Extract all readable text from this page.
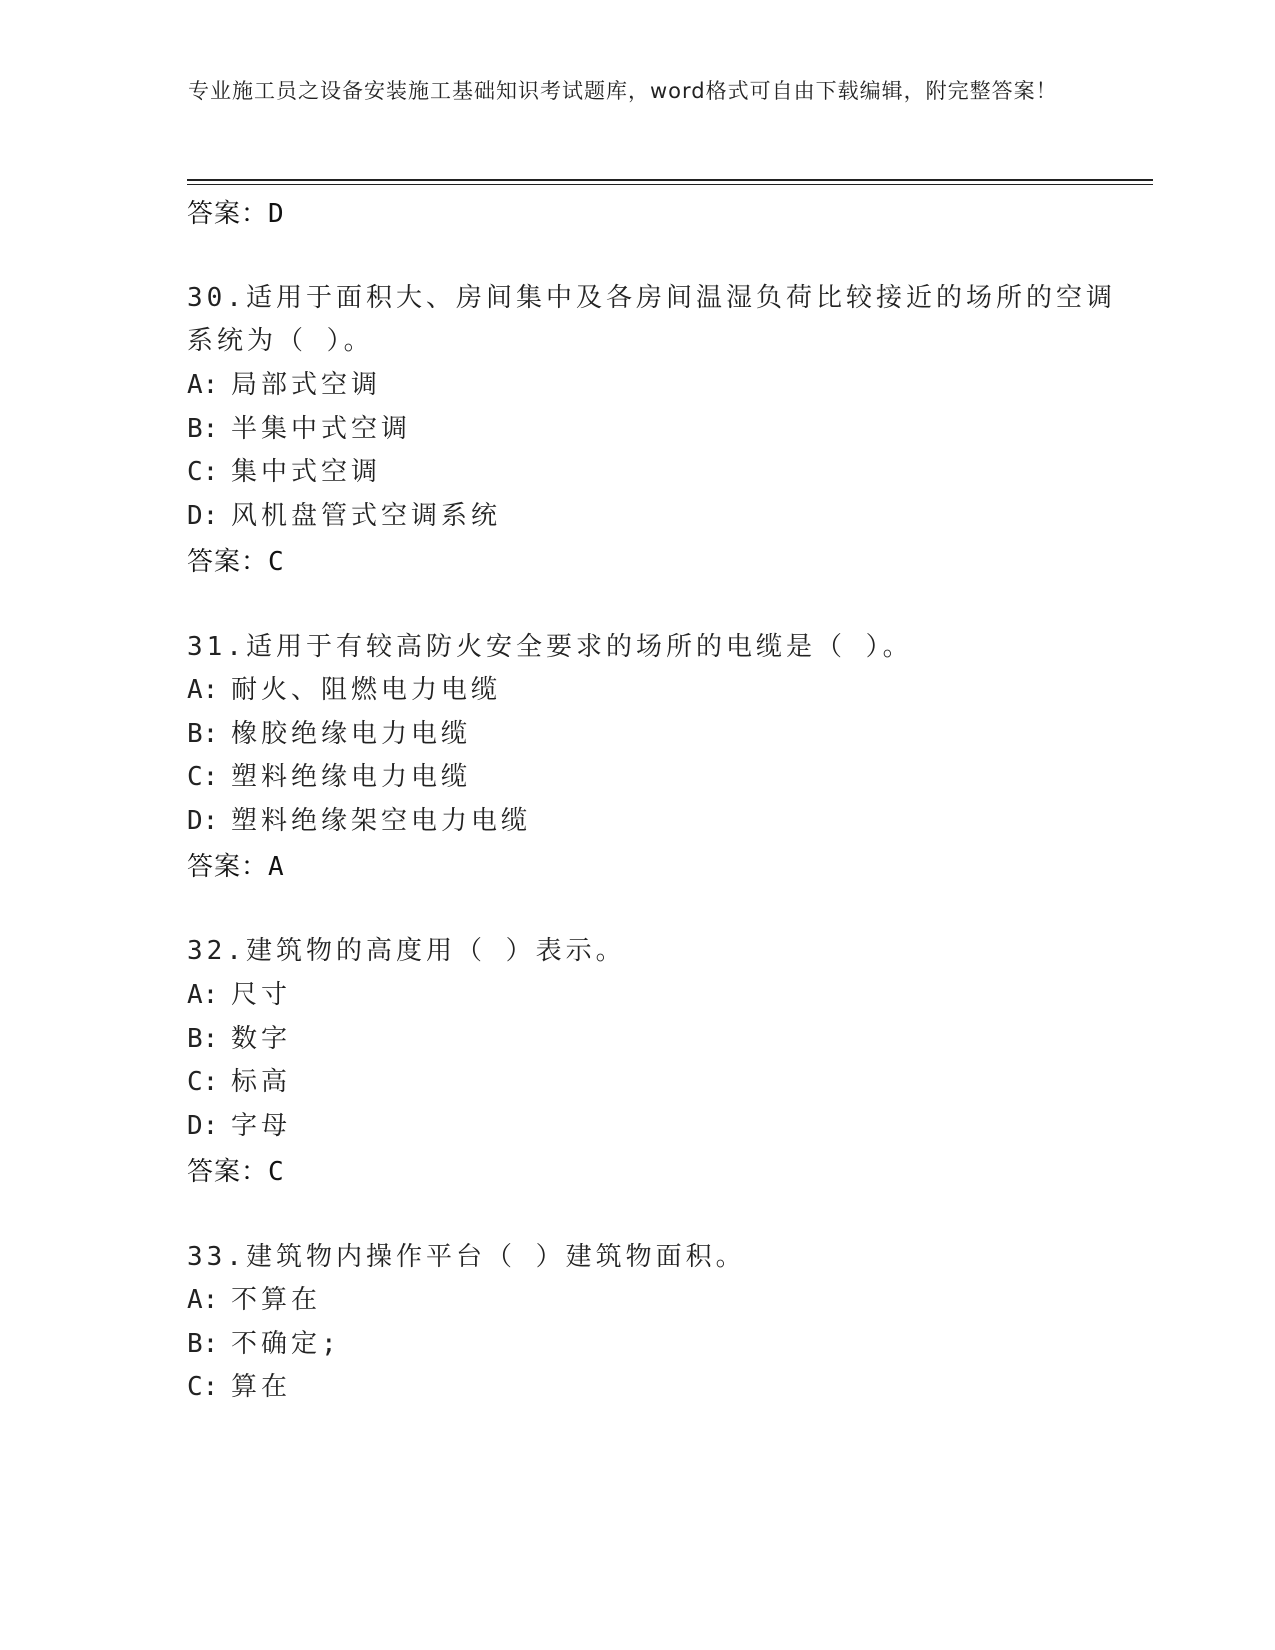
专业施工员之设备安装施工基础知识考试题库，word格式可自由下载编辑，附完整答案！
答案：D
30.适用于面积大、房间集中及各房间温湿负荷比较接近的场所的空调
系统为（ ）。
A: 局部式空调
B: 半集中式空调
C: 集中式空调
D: 风机盘管式空调系统
答案：C
31.适用于有较高防火安全要求的场所的电缆是（ ）。
A: 耐火、阻燃电力电缆
B: 橡胶绝缘电力电缆
C: 塑料绝缘电力电缆
D: 塑料绝缘架空电力电缆
答案：A
32.建筑物的高度用（ ）表示。
A: 尺寸
B: 数字
C: 标高
D: 字母
答案：C
33.建筑物内操作平台（ ）建筑物面积。
A: 不算在
B: 不确定;
C: 算在
